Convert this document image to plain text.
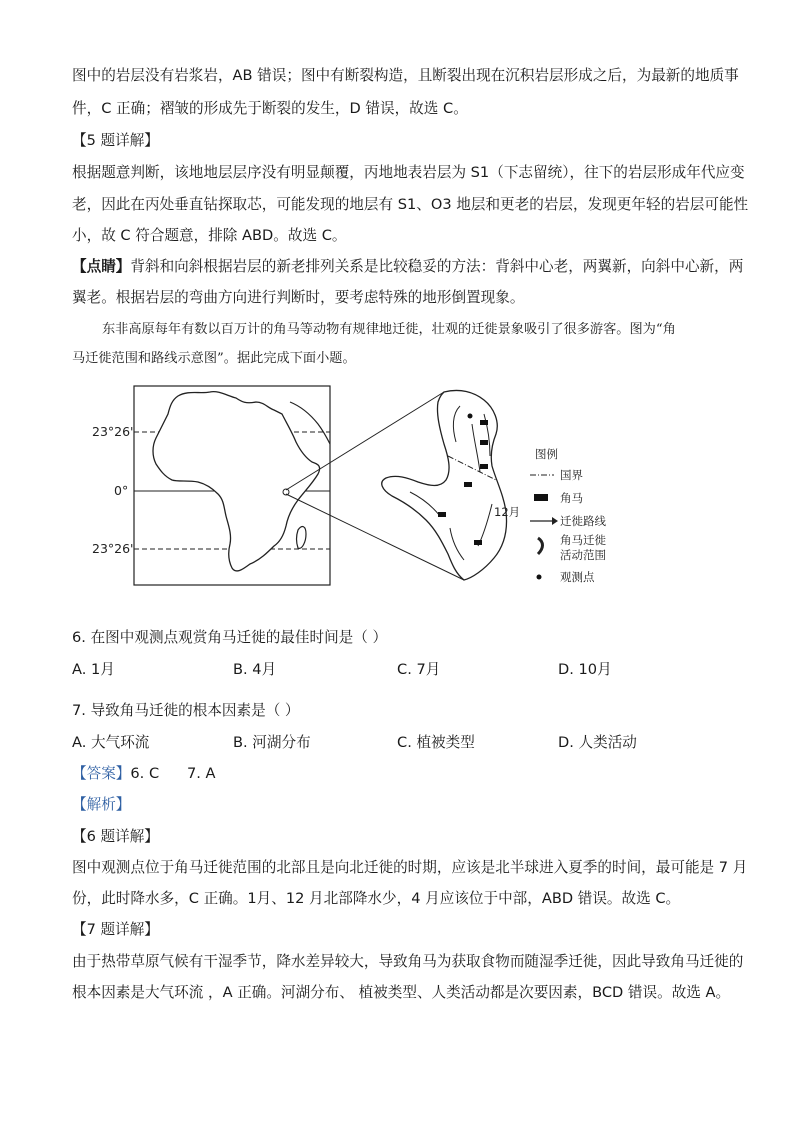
图中的岩层没有岩浆岩，AB 错误；图中有断裂构造，且断裂出现在沉积岩层形成之后，为最新的地质事
件，C 正确；褶皱的形成先于断裂的发生，D 错误，故选 C。
【5 题详解】
根据题意判断，该地地层层序没有明显颠覆，丙地地表岩层为 S1（下志留统），往下的岩层形成年代应变
老，因此在丙处垂直钻探取芯，可能发现的地层有 S1、O3 地层和更老的岩层，发现更年轻的岩层可能性
小，故 C 符合题意，排除 ABD。故选 C。
【点睛】背斜和向斜根据岩层的新老排列关系是比较稳妥的方法：背斜中心老，两翼新，向斜中心新，两
翼老。根据岩层的弯曲方向进行判断时，要考虑特殊的地形倒置现象。
东非高原每年有数以百万计的角马等动物有规律地迁徙，壮观的迁徙景象吸引了很多游客。图为“角
马迁徙范围和路线示意图”。据此完成下面小题。
23°26'
0°
23°26'
12月
图例
国界
角马
迁徙路线
角马迁徙
活动范围
观测点
6. 在图中观测点观赏角马迁徙的最佳时间是（ ）
A. 1月	B. 4月	C. 7月	D. 10月
7. 导致角马迁徙的根本因素是（ ）
A. 大气环流	B. 河湖分布	C. 植被类型	D. 人类活动
【答案】6. C      7. A
【解析】
【6 题详解】
图中观测点位于角马迁徙范围的北部且是向北迁徙的时期，应该是北半球进入夏季的时间，最可能是 7 月
份，此时降水多，C 正确。1月、12 月北部降水少，4 月应该位于中部，ABD 错误。故选 C。
【7 题详解】
由于热带草原气候有干湿季节，降水差异较大，导致角马为获取食物而随湿季迁徙，因此导致角马迁徙的
根本因素是大气环流 ，A 正确。河湖分布、 植被类型、人类活动都是次要因素，BCD 错误。故选 A。
